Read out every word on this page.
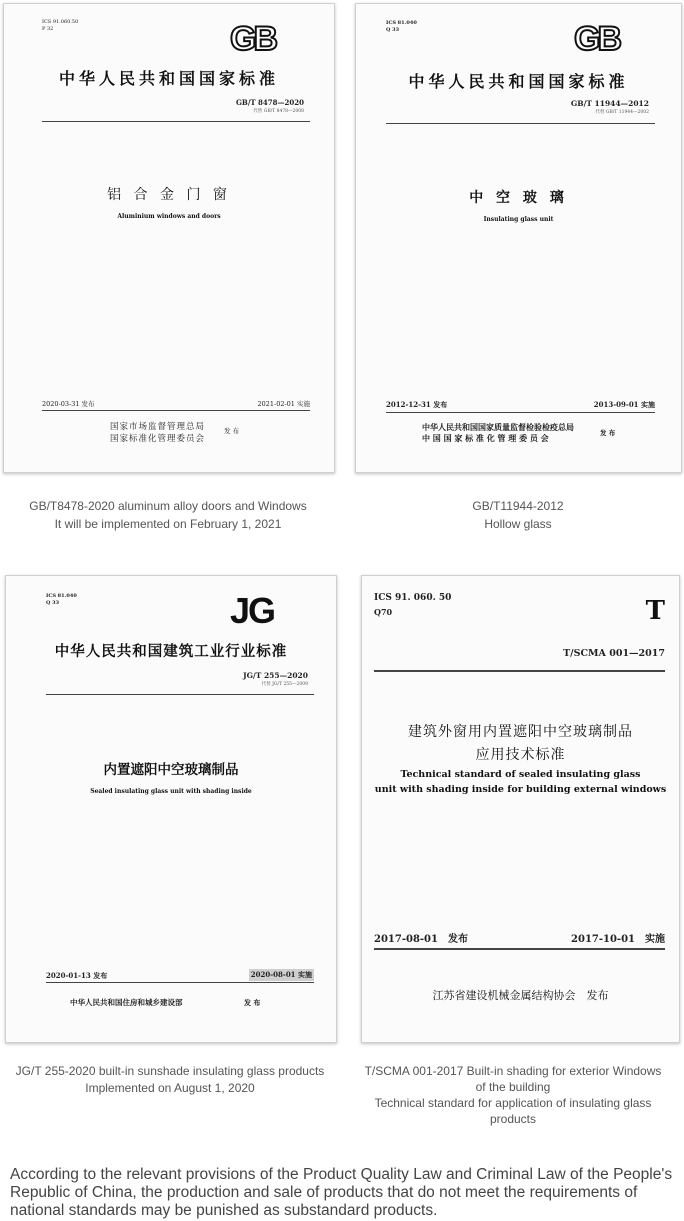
ICS 91.060.50
P 32	GB
中华人民共和国国家标准
GB/T 8478—2020
代替 GB/T 8478—2008
铝 合 金 门 窗
Aluminium windows and doors
2020-03-31 发布	2021-02-01 实施
国家市场监督管理总局
国家标准化管理委员会
发 布
GB/T8478-2020 aluminum alloy doors and Windows
It will be implemented on February 1, 2021
ICS 81.040
Q 33	GB
中华人民共和国国家标准
GB/T 11944—2012
代替 GB/T 11944—2002
中 空 玻 璃
Insulating glass unit
2012-12-31 发布	2013-09-01 实施
中华人民共和国国家质量监督检验检疫总局
中 国 国 家 标 准 化 管 理 委 员 会	发 布
GB/T11944-2012
Hollow glass
ICS 81.040
Q 33	JG
中华人民共和国建筑工业行业标准
JG/T 255—2020
代替 JG/T 255—2009
内置遮阳中空玻璃制品
Sealed insulating glass unit with shading inside
2020-01-13 发布	2020-08-01 实施
中华人民共和国住房和城乡建设部	发 布
JG/T 255-2020 built-in sunshade insulating glass products
Implemented on August 1, 2020
ICS 91. 060. 50
Q70	T
T/SCMA 001—2017
建筑外窗用内置遮阳中空玻璃制品
应用技术标准
Technical standard of sealed insulating glass
unit with shading inside for building external windows
2017-08-01　发布	2017-10-01　实施
江苏省建设机械金属结构协会　发布
T/SCMA 001-2017 Built-in shading for exterior Windows
of the building
Technical standard for application of insulating glass
products
According to the relevant provisions of the Product Quality Law and Criminal Law of the People's Republic of China, the production and sale of products that do not meet the requirements of national standards may be punished as substandard products.
